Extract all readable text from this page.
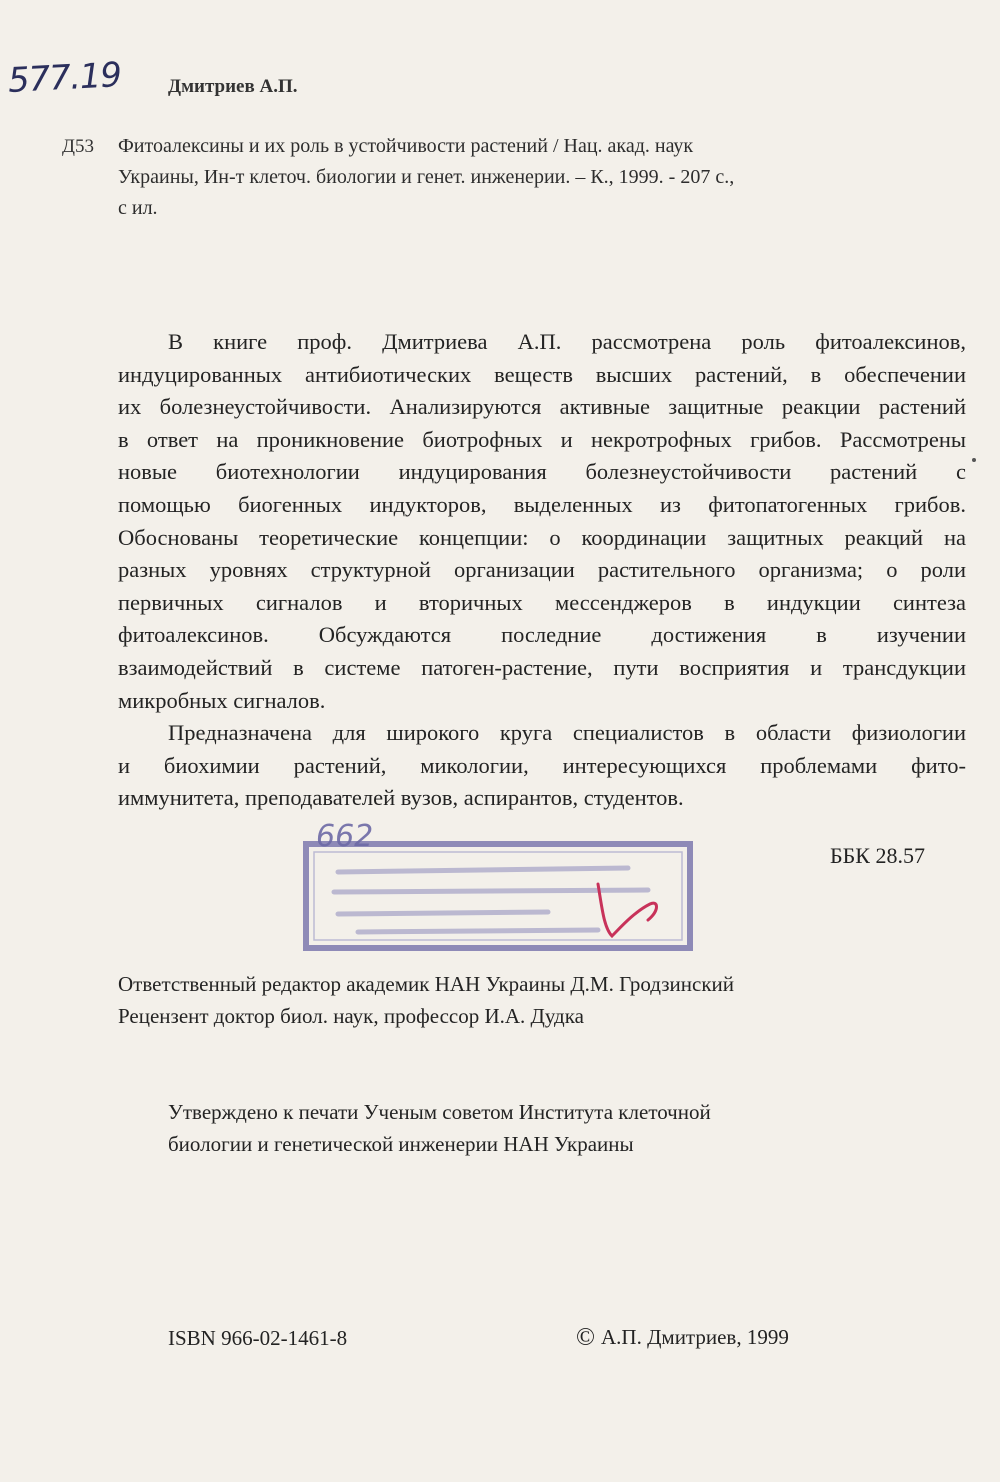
577.19 Дмитриев А.П.
Д53 Фитоалексины и их роль в устойчивости растений / Нац. акад. наук
Украины, Ин-т клеточ. биологии и генет. инженерии. – К., 1999. - 207 с.,
с ил.
В книге проф. Дмитриева А.П. рассмотрена роль фитоалексинов,
индуцированных антибиотических веществ высших растений, в обеспечении
их болезнеустойчивости. Анализируются активные защитные реакции растений
в ответ на проникновение биотрофных и некротрофных грибов. Рассмотрены
новые биотехнологии индуцирования болезнеустойчивости растений с
помощью биогенных индукторов, выделенных из фитопатогенных грибов.
Обоснованы теоретические концепции: о координации защитных реакций на
разных уровнях структурной организации растительного организма; о роли
первичных сигналов и вторичных мессенджеров в индукции синтеза
фитоалексинов. Обсуждаются последние достижения в изучении
взаимодействий в системе патоген-растение, пути восприятия и трансдукции
микробных сигналов.
Предназначена для широкого круга специалистов в области физиологии
и биохимии растений, микологии, интересующихся проблемами фито-
иммунитета, преподавателей вузов, аспирантов, студентов.
ББК 28.57
662
Ответственный редактор академик НАН Украины Д.М. Гродзинский
Рецензент доктор биол. наук, профессор И.А. Дудка
Утверждено к печати Ученым советом Института клеточной
биологии и генетической инженерии НАН Украины
ISBN 966-02-1461-8	© А.П. Дмитриев, 1999
